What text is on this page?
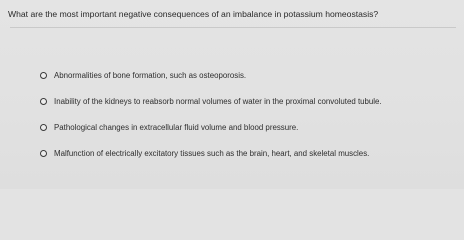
What are the most important negative consequences of an imbalance in potassium homeostasis?

Abnormalities of bone formation, such as osteoporosis.
Inability of the kidneys to reabsorb normal volumes of water in the proximal convoluted tubule.
Pathological changes in extracellular fluid volume and blood pressure.
Malfunction of electrically excitatory tissues such as the brain, heart, and skeletal muscles.
